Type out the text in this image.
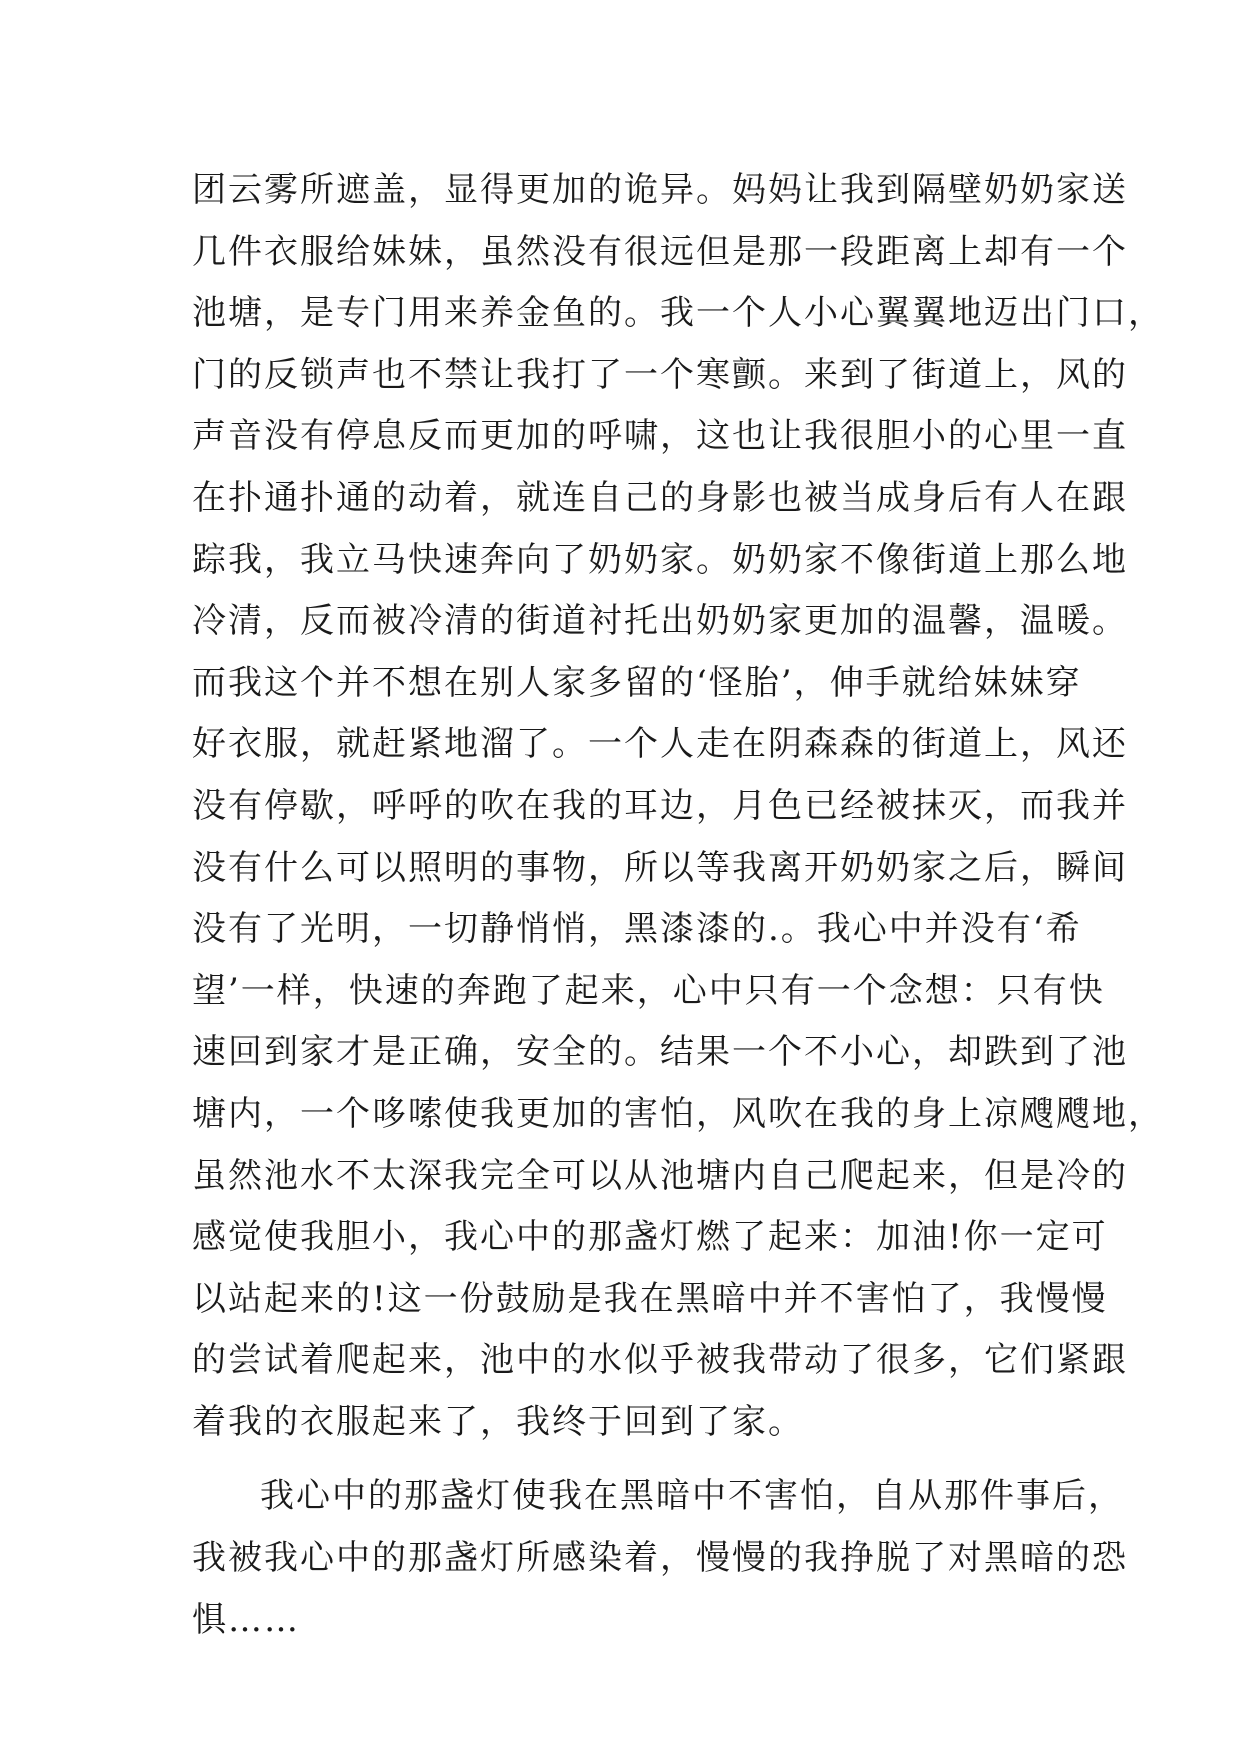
团云雾所遮盖，显得更加的诡异。妈妈让我到隔壁奶奶家送
几件衣服给妹妹，虽然没有很远但是那一段距离上却有一个
池塘，是专门用来养金鱼的。我一个人小心翼翼地迈出门口，
门的反锁声也不禁让我打了一个寒颤。来到了街道上，风的
声音没有停息反而更加的呼啸，这也让我很胆小的心里一直
在扑通扑通的动着，就连自己的身影也被当成身后有人在跟
踪我，我立马快速奔向了奶奶家。奶奶家不像街道上那么地
冷清，反而被冷清的街道衬托出奶奶家更加的温馨，温暖。
而我这个并不想在别人家多留的‘怪胎’，伸手就给妹妹穿
好衣服，就赶紧地溜了。一个人走在阴森森的街道上，风还
没有停歇，呼呼的吹在我的耳边，月色已经被抹灭，而我并
没有什么可以照明的事物，所以等我离开奶奶家之后，瞬间
没有了光明，一切静悄悄，黑漆漆的.。我心中并没有‘希
望’一样，快速的奔跑了起来，心中只有一个念想：只有快
速回到家才是正确，安全的。结果一个不小心，却跌到了池
塘内，一个哆嗦使我更加的害怕，风吹在我的身上凉飕飕地，
虽然池水不太深我完全可以从池塘内自己爬起来，但是冷的
感觉使我胆小，我心中的那盏灯燃了起来：加油!你一定可
以站起来的!这一份鼓励是我在黑暗中并不害怕了，我慢慢
的尝试着爬起来，池中的水似乎被我带动了很多，它们紧跟
着我的衣服起来了，我终于回到了家。
我心中的那盏灯使我在黑暗中不害怕，自从那件事后，
我被我心中的那盏灯所感染着，慢慢的我挣脱了对黑暗的恐
惧……
